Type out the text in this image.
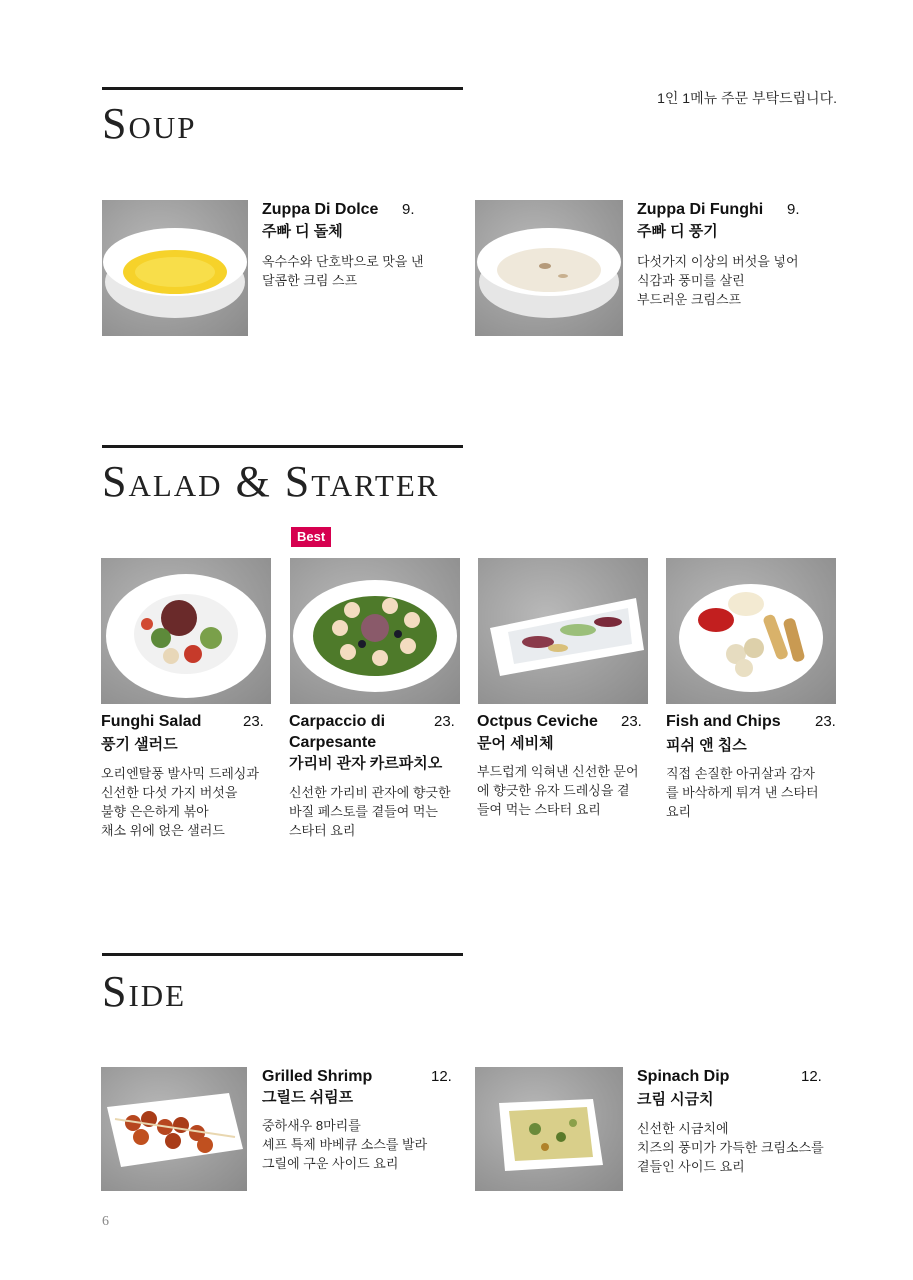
1인 1메뉴 주문 부탁드립니다.
Soup
Zuppa Di Dolce 9.
주빠 디 돌체
옥수수와 단호박으로 맛을 낸
달콤한 크림 스프
Zuppa Di Funghi 9.
주빠 디 풍기
다섯가지 이상의 버섯을 넣어
식감과 풍미를 살린
부드러운 크림스프
Salad & Starter
Best
Funghi Salad	23.
풍기 샐러드
오리엔탈풍 발사믹 드레싱과
신선한 다섯 가지 버섯을
불향 은은하게 볶아
채소 위에 얹은 샐러드
Carpaccio di Carpesante
23.
가리비 관자 카르파치오
신선한 가리비 관자에 향긋한
바질 페스토를 곁들여 먹는
스타터 요리
Octpus Ceviche 23.
문어 세비체
부드럽게 익혀낸 신선한 문어
에 향긋한 유자 드레싱을 곁
들여 먹는 스타터 요리
Fish and Chips 23.
피쉬 앤 칩스
직접 손질한 아귀살과 감자
를 바삭하게 튀겨 낸 스타터
요리
Side
Grilled Shrimp	12.
그릴드 쉬림프
중하새우 8마리를
셰프 특제 바베큐 소스를 발라
그릴에 구운 사이드 요리
Spinach Dip	12.
크림 시금치
신선한 시금치에
치즈의 풍미가 가득한 크림소스를
곁들인 사이드 요리
6
